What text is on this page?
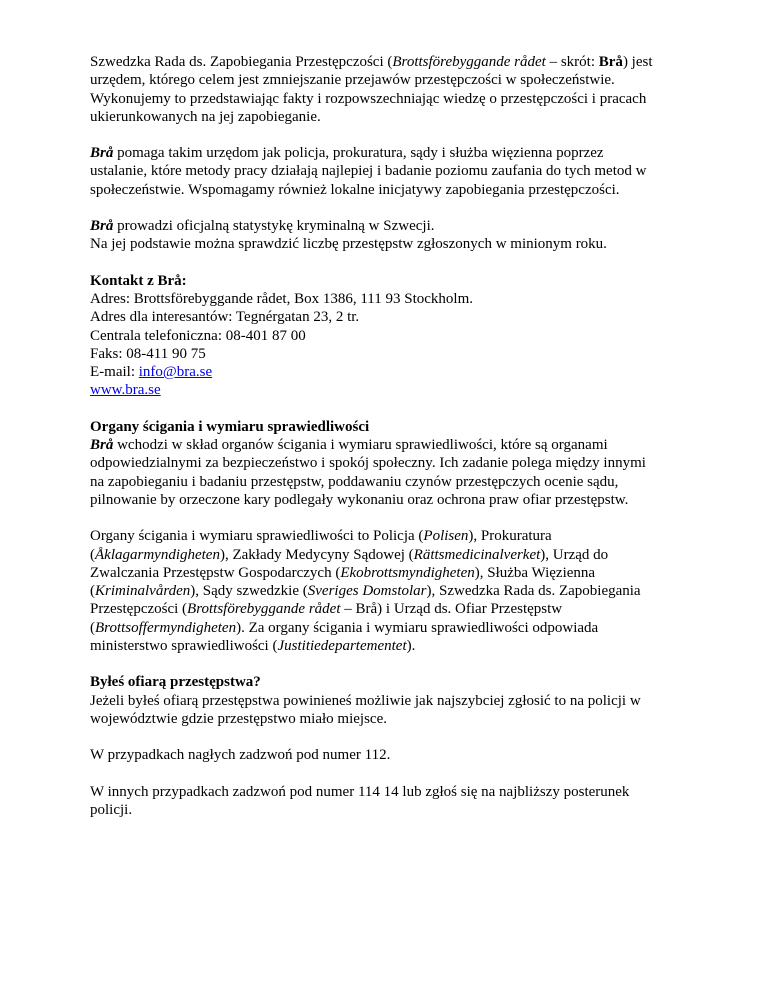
Szwedzka Rada ds. Zapobiegania Przestępczości (Brottsförebyggande rådet – skrót: Brå) jest
urzędem, którego celem jest zmniejszanie przejawów przestępczości w społeczeństwie.
Wykonujemy to przedstawiając fakty i rozpowszechniając wiedzę o przestępczości i pracach
ukierunkowanych na jej zapobieganie.

Brå pomaga takim urzędom jak policja, prokuratura, sądy i służba więzienna poprzez
ustalanie, które metody pracy działają najlepiej i badanie poziomu zaufania do tych metod w
społeczeństwie. Wspomagamy również lokalne inicjatywy zapobiegania przestępczości.

Brå prowadzi oficjalną statystykę kryminalną w Szwecji.
Na jej podstawie można sprawdzić liczbę przestępstw zgłoszonych w minionym roku.

Kontakt z Brå:
Adres: Brottsförebyggande rådet, Box 1386, 111 93 Stockholm.
Adres dla interesantów: Tegnérgatan 23, 2 tr.
Centrala telefoniczna: 08-401 87 00
Faks: 08-411 90 75
E-mail: info@bra.se
www.bra.se

Organy ścigania i wymiaru sprawiedliwości
Brå wchodzi w skład organów ścigania i wymiaru sprawiedliwości, które są organami
odpowiedzialnymi za bezpieczeństwo i spokój społeczny. Ich zadanie polega między innymi
na zapobieganiu i badaniu przestępstw, poddawaniu czynów przestępczych ocenie sądu,
pilnowanie by orzeczone kary podlegały wykonaniu oraz ochrona praw ofiar przestępstw.

Organy ścigania i wymiaru sprawiedliwości to Policja (Polisen), Prokuratura
(Åklagarmyndigheten), Zakłady Medycyny Sądowej (Rättsmedicinalverket), Urząd do
Zwalczania Przestępstw Gospodarczych (Ekobrottsmyndigheten), Służba Więzienna
(Kriminalvården), Sądy szwedzkie (Sveriges Domstolar), Szwedzka Rada ds. Zapobiegania
Przestępczości (Brottsförebyggande rådet – Brå) i Urząd ds. Ofiar Przestępstw
(Brottsoffermyndigheten). Za organy ścigania i wymiaru sprawiedliwości odpowiada
ministerstwo sprawiedliwości (Justitiedepartementet).

Byłeś ofiarą przestępstwa?
Jeżeli byłeś ofiarą przestępstwa powinieneś możliwie jak najszybciej zgłosić to na policji w
województwie gdzie przestępstwo miało miejsce.

W przypadkach nagłych zadzwoń pod numer 112.

W innych przypadkach zadzwoń pod numer 114 14 lub zgłoś się na najbliższy posterunek
policji.
